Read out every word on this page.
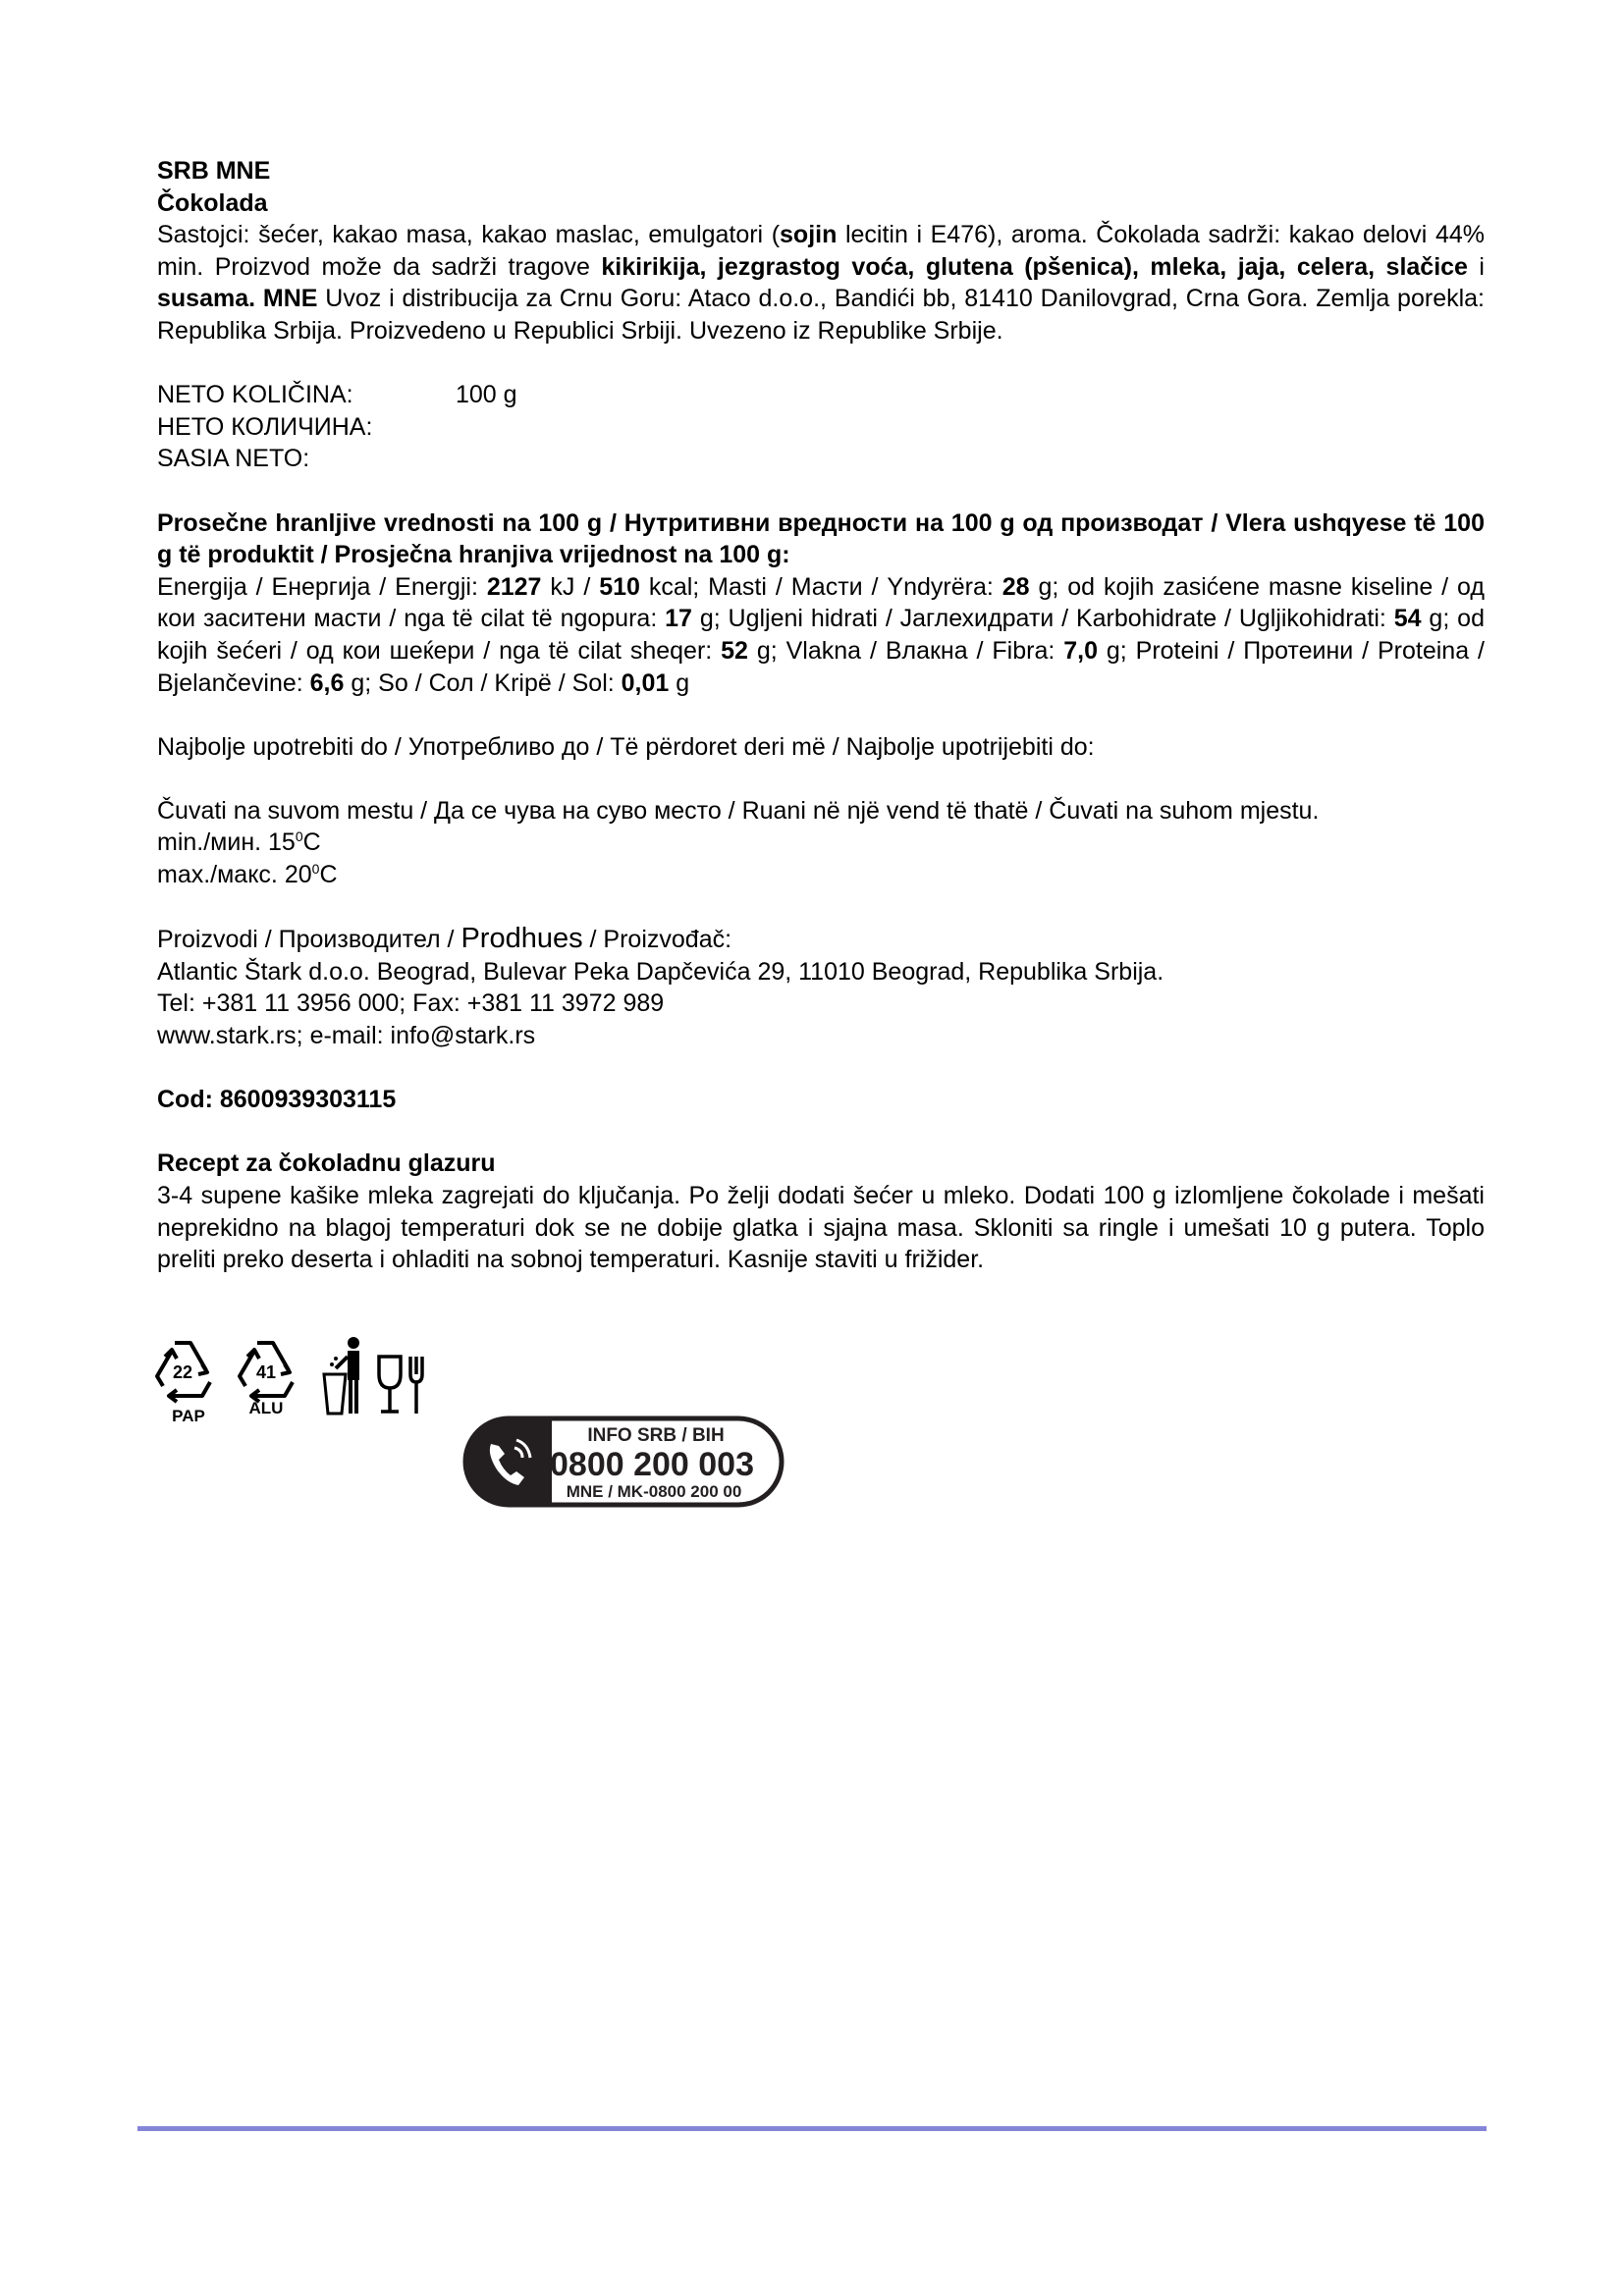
SRB MNE

Čokolada

Sastojci: šećer, kakao masa, kakao maslac, emulgatori (sojin lecitin i E476), aroma. Čokolada sadrži: kakao delovi 44% min. Proizvod može da sadrži tragove kikirikija, jezgrastog voća, glutena (pšenica), mleka, jaja, celera, slačice i susama. MNE Uvoz i distribucija za Crnu Goru: Ataco d.o.o., Bandići bb, 81410 Danilovgrad, Crna Gora. Zemlja porekla: Republika Srbija. Proizvedeno u Republici Srbiji. Uvezeno iz Republike Srbije.

NETO KOLIČINA:	100 g

НЕТО КОЛИЧИНА:

SASIA NETO:

Prosečne hranljive vrednosti na 100 g / Нутритивни вредности на 100 g од производат / Vlera ushqyese të 100 g të produktit / Prosječna hranjiva vrijednost na 100 g:

Energija / Енергија / Energji: 2127 kJ / 510 kcal; Masti / Масти / Yndyrëra: 28 g; od kojih zasićene masne kiseline / од кои заситени масти / nga të cilat të ngopura: 17 g; Ugljeni hidrati / Јаглехидрати / Karbohidrate / Ugljikohidrati: 54 g; od kojih šećeri / од кои шеќери / nga të cilat sheqer: 52 g; Vlakna / Влакна / Fibra: 7,0 g; Proteini / Протеини / Proteina / Bjelančevine: 6,6 g; So / Сол / Kripë / Sol: 0,01 g

Najbolje upotrebiti do / Употребливо до / Të përdoret deri më / Najbolje upotrijebiti do:

Čuvati na suvom mestu / Да се чува на суво место / Ruani në një vend të thatë / Čuvati na suhom mjestu.

min./мин. $15^0C$

max./макс. $20^0C$

Proizvodi / Производител / Prodhues / Proizvođač:

Atlantic Štark d.o.o. Beograd, Bulevar Peka Dapčevića 29, 11010 Beograd, Republika Srbija.

Tel: +381 11 3956 000; Fax: +381 11 3972 989

www.stark.rs; e-mail: info@stark.rs

Cod: 8600939303115

Recept za čokoladnu glazuru

3-4 supene kašike mleka zagrejati do ključanja. Po želji dodati šećer u mleko. Dodati 100 g izlomljene čokolade i mešati neprekidno na blagoj temperaturi dok se ne dobije glatka i sjajna masa. Skloniti sa ringle i umešati 10 g putera. Toplo preliti preko deserta i ohladiti na sobnoj temperaturi. Kasnije staviti u frižider.

22
PAP
41
ALU
INFO SRB / BIH
0800 200 003
MNE / MK-0800 200 00
